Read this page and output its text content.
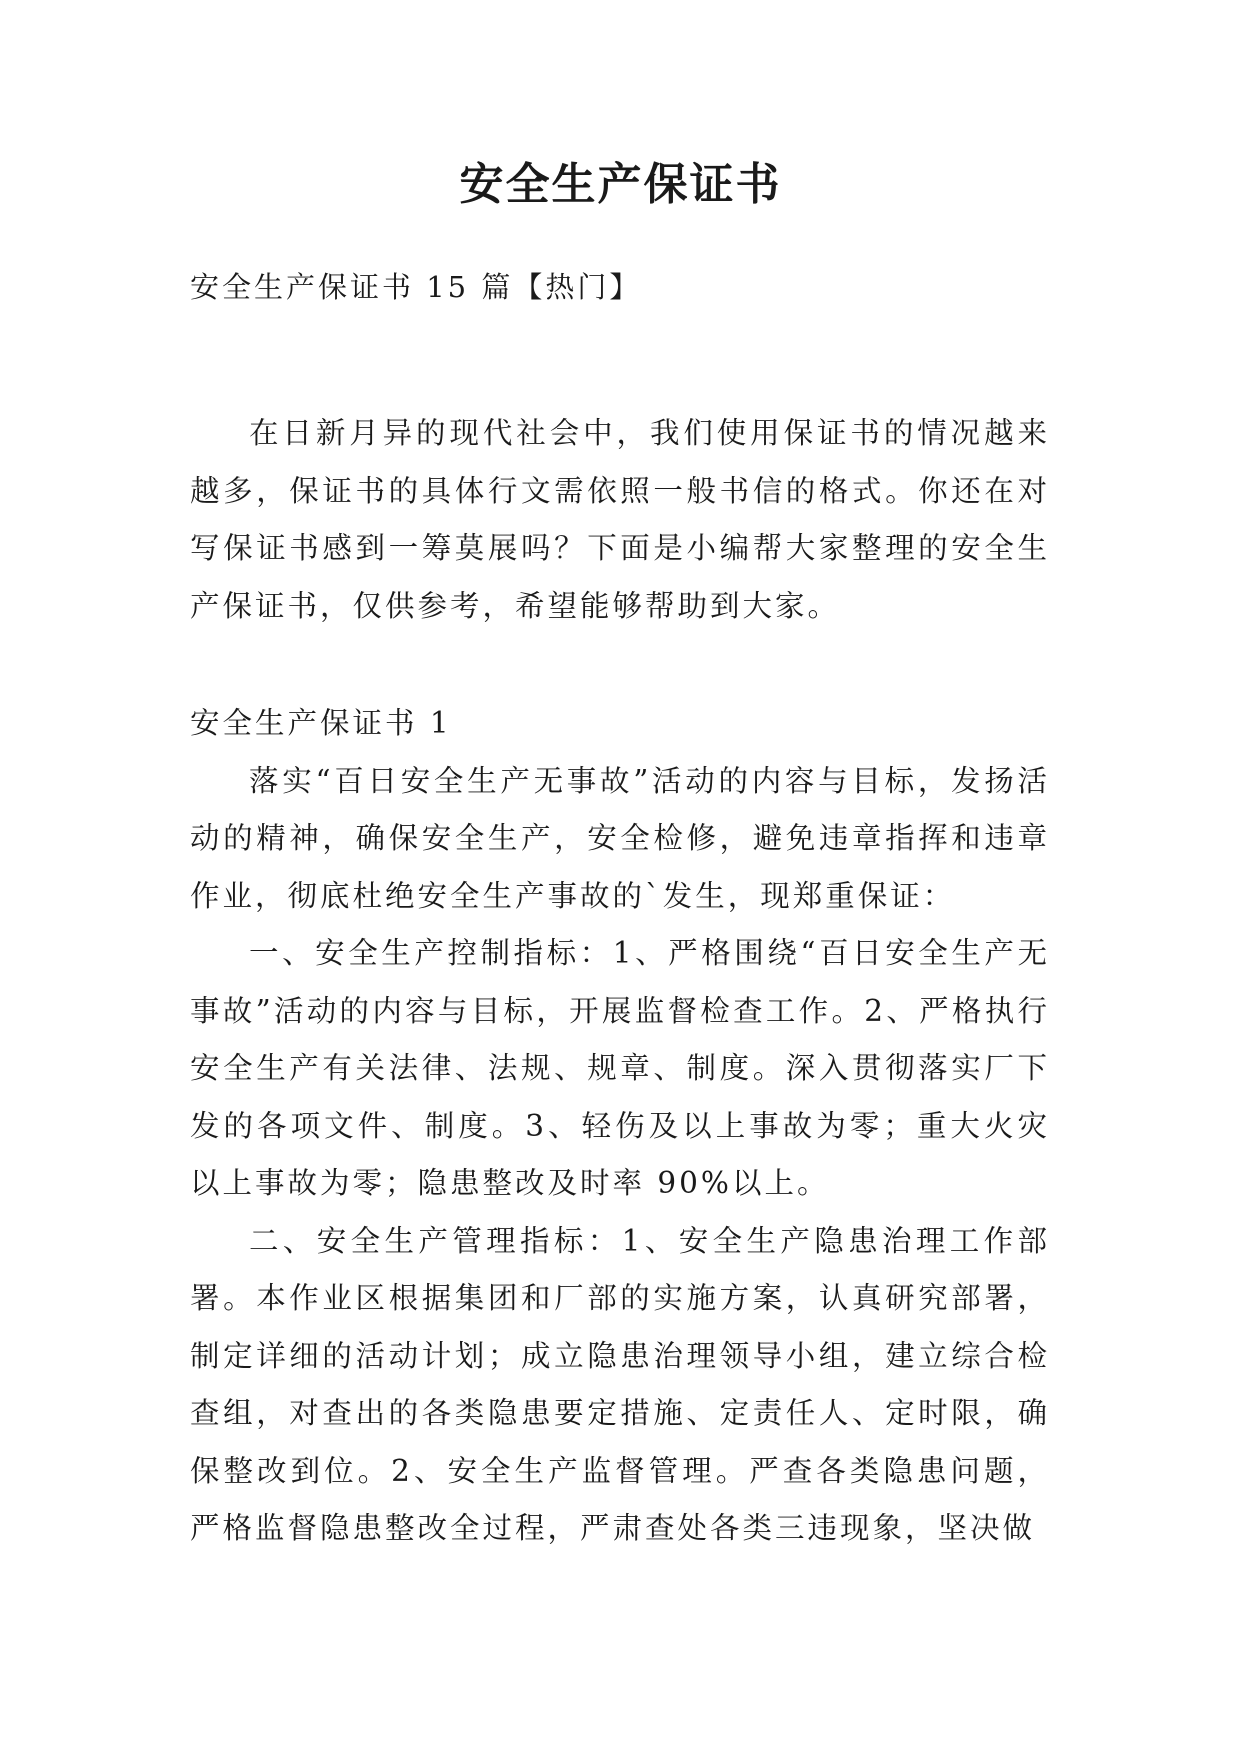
安全生产保证书

安全生产保证书 15 篇【热门】

在日新月异的现代社会中，我们使用保证书的情况越来越多，保证书的具体行文需依照一般书信的格式。你还在对写保证书感到一筹莫展吗？下面是小编帮大家整理的安全生产保证书，仅供参考，希望能够帮助到大家。

安全生产保证书 1

落实“百日安全生产无事故”活动的内容与目标，发扬活动的精神，确保安全生产，安全检修，避免违章指挥和违章作业，彻底杜绝安全生产事故的`发生，现郑重保证：

一、安全生产控制指标：1、严格围绕“百日安全生产无事故”活动的内容与目标，开展监督检查工作。2、严格执行安全生产有关法律、法规、规章、制度。深入贯彻落实厂下发的各项文件、制度。3、轻伤及以上事故为零；重大火灾以上事故为零；隐患整改及时率 90%以上。

二、安全生产管理指标：1、安全生产隐患治理工作部署。本作业区根据集团和厂部的实施方案，认真研究部署，制定详细的活动计划；成立隐患治理领导小组，建立综合检查组，对查出的各类隐患要定措施、定责任人、定时限，确保整改到位。2、安全生产监督管理。严查各类隐患问题，严格监督隐患整改全过程，严肃查处各类三违现象，坚决做
